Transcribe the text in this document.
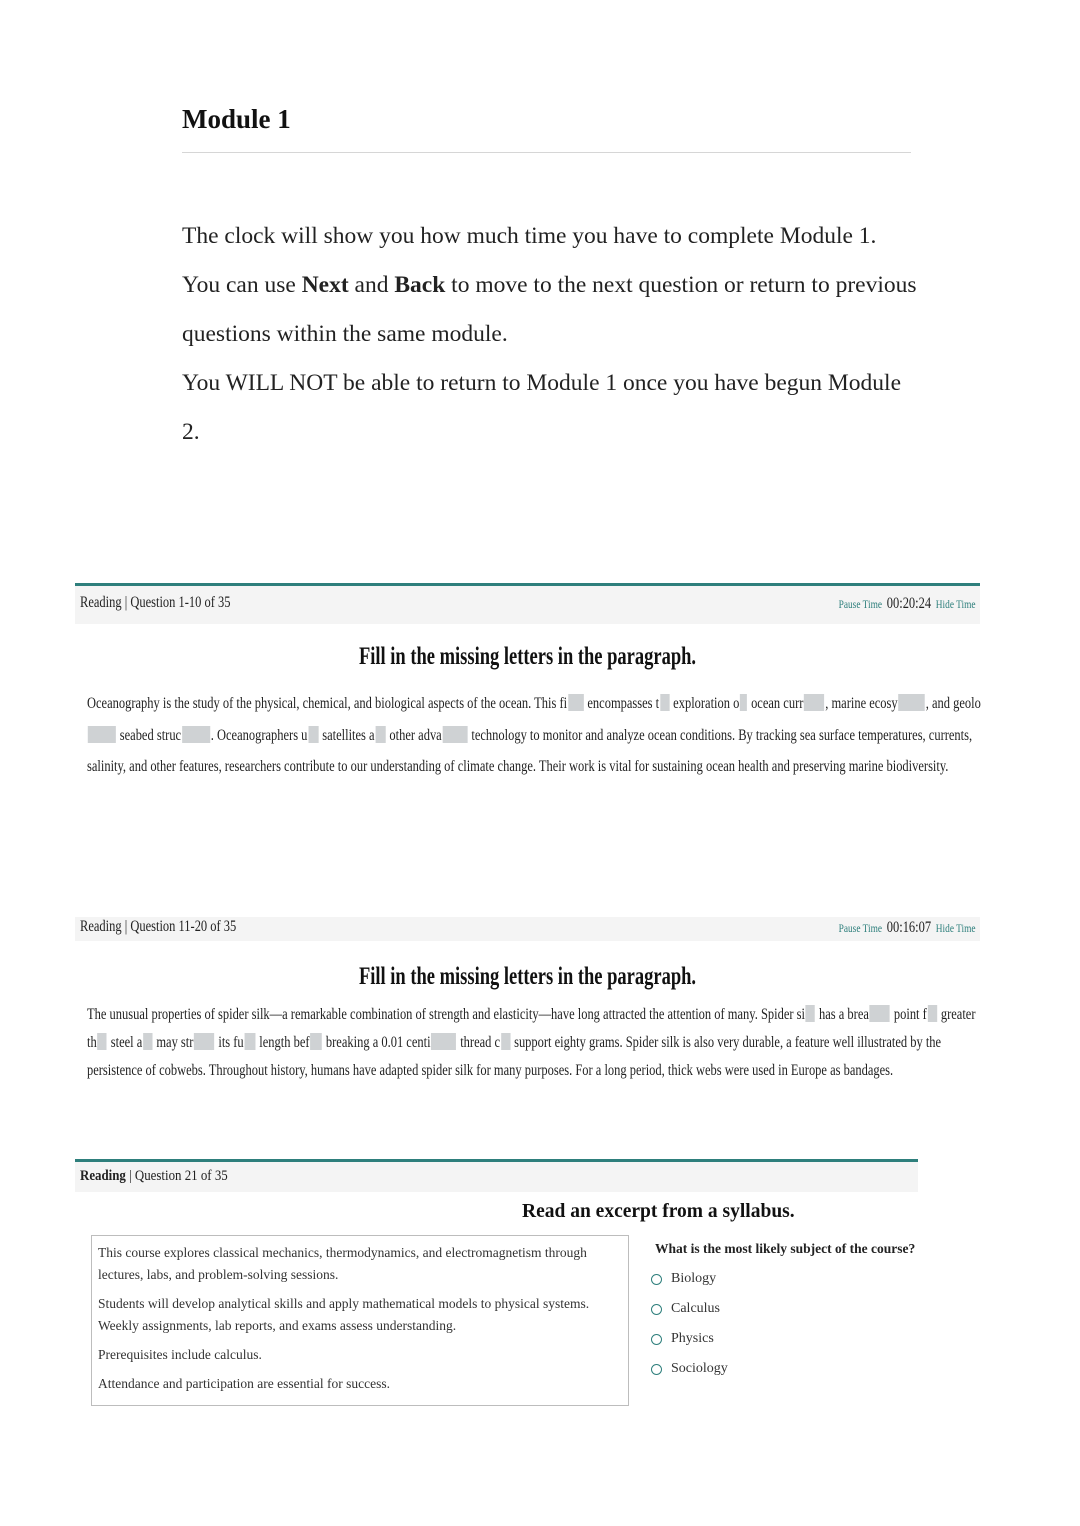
Module 1

The clock will show you how much time you have to complete Module 1.

You can use Next and Back to move to the next question or return to previous questions within the same module.

You WILL NOT be able to return to Module 1 once you have begun Module 2.

Reading | Question 1-10 of 35	Pause Time 00:20:24 Hide Time
Fill in the missing letters in the paragraph.

Oceanography is the study of the physical, chemical, and biological aspects of the ocean. This fi encompasses t exploration o ocean curr , marine ecosy , and geolo seabed struc . Oceanographers u satellites a other adva technology to monitor and analyze ocean conditions. By tracking sea surface temperatures, currents, salinity, and other features, researchers contribute to our understanding of climate change. Their work is vital for sustaining ocean health and preserving marine biodiversity.

Reading | Question 11-20 of 35	Pause Time 00:16:07 Hide Time
Fill in the missing letters in the paragraph.

The unusual properties of spider silk—a remarkable combination of strength and elasticity—have long attracted the attention of many. Spider si has a brea point f greater th steel a may str its fu length bef breaking a 0.01 centi thread c support eighty grams. Spider silk is also very durable, a feature well illustrated by the persistence of cobwebs. Throughout history, humans have adapted spider silk for many purposes. For a long period, thick webs were used in Europe as bandages.

Reading | Question 21 of 35
Read an excerpt from a syllabus.

This course explores classical mechanics, thermodynamics, and electromagnetism through lectures, labs, and problem-solving sessions.

Students will develop analytical skills and apply mathematical models to physical systems. Weekly assignments, lab reports, and exams assess understanding.

Prerequisites include calculus.

Attendance and participation are essential for success.

What is the most likely subject of the course?
Biology
Calculus
Physics
Sociology
